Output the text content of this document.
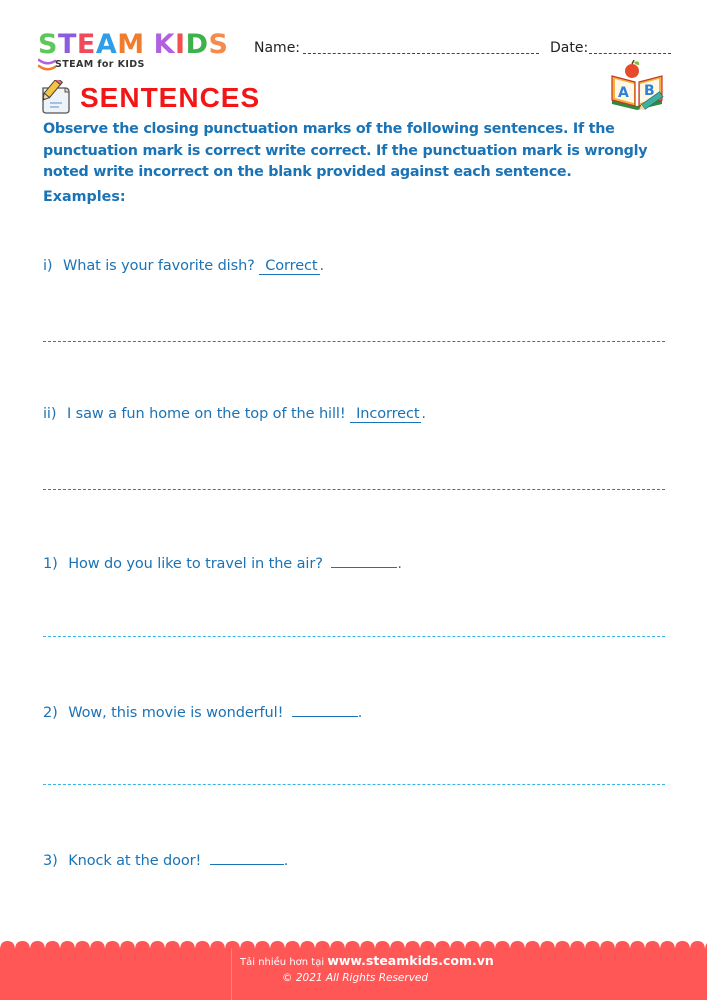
STEAM KIDS
STEAM for KIDS
Name:	Date:
SENTENCES	A B
Observe the closing punctuation marks of the following sentences. If the punctuation mark is correct write correct. If the punctuation mark is wrongly noted write incorrect on the blank provided against each sentence.
Examples:
i) What is your favorite dish? Correct .
ii) I saw a fun home on the top of the hill! Incorrect .
1) How do you like to travel in the air?	.
2) Wow, this movie is wonderful!	.
3) Knock at the door!	.
Tải nhiều hơn tại www.steamkids.com.vn
© 2021 All Rights Reserved
